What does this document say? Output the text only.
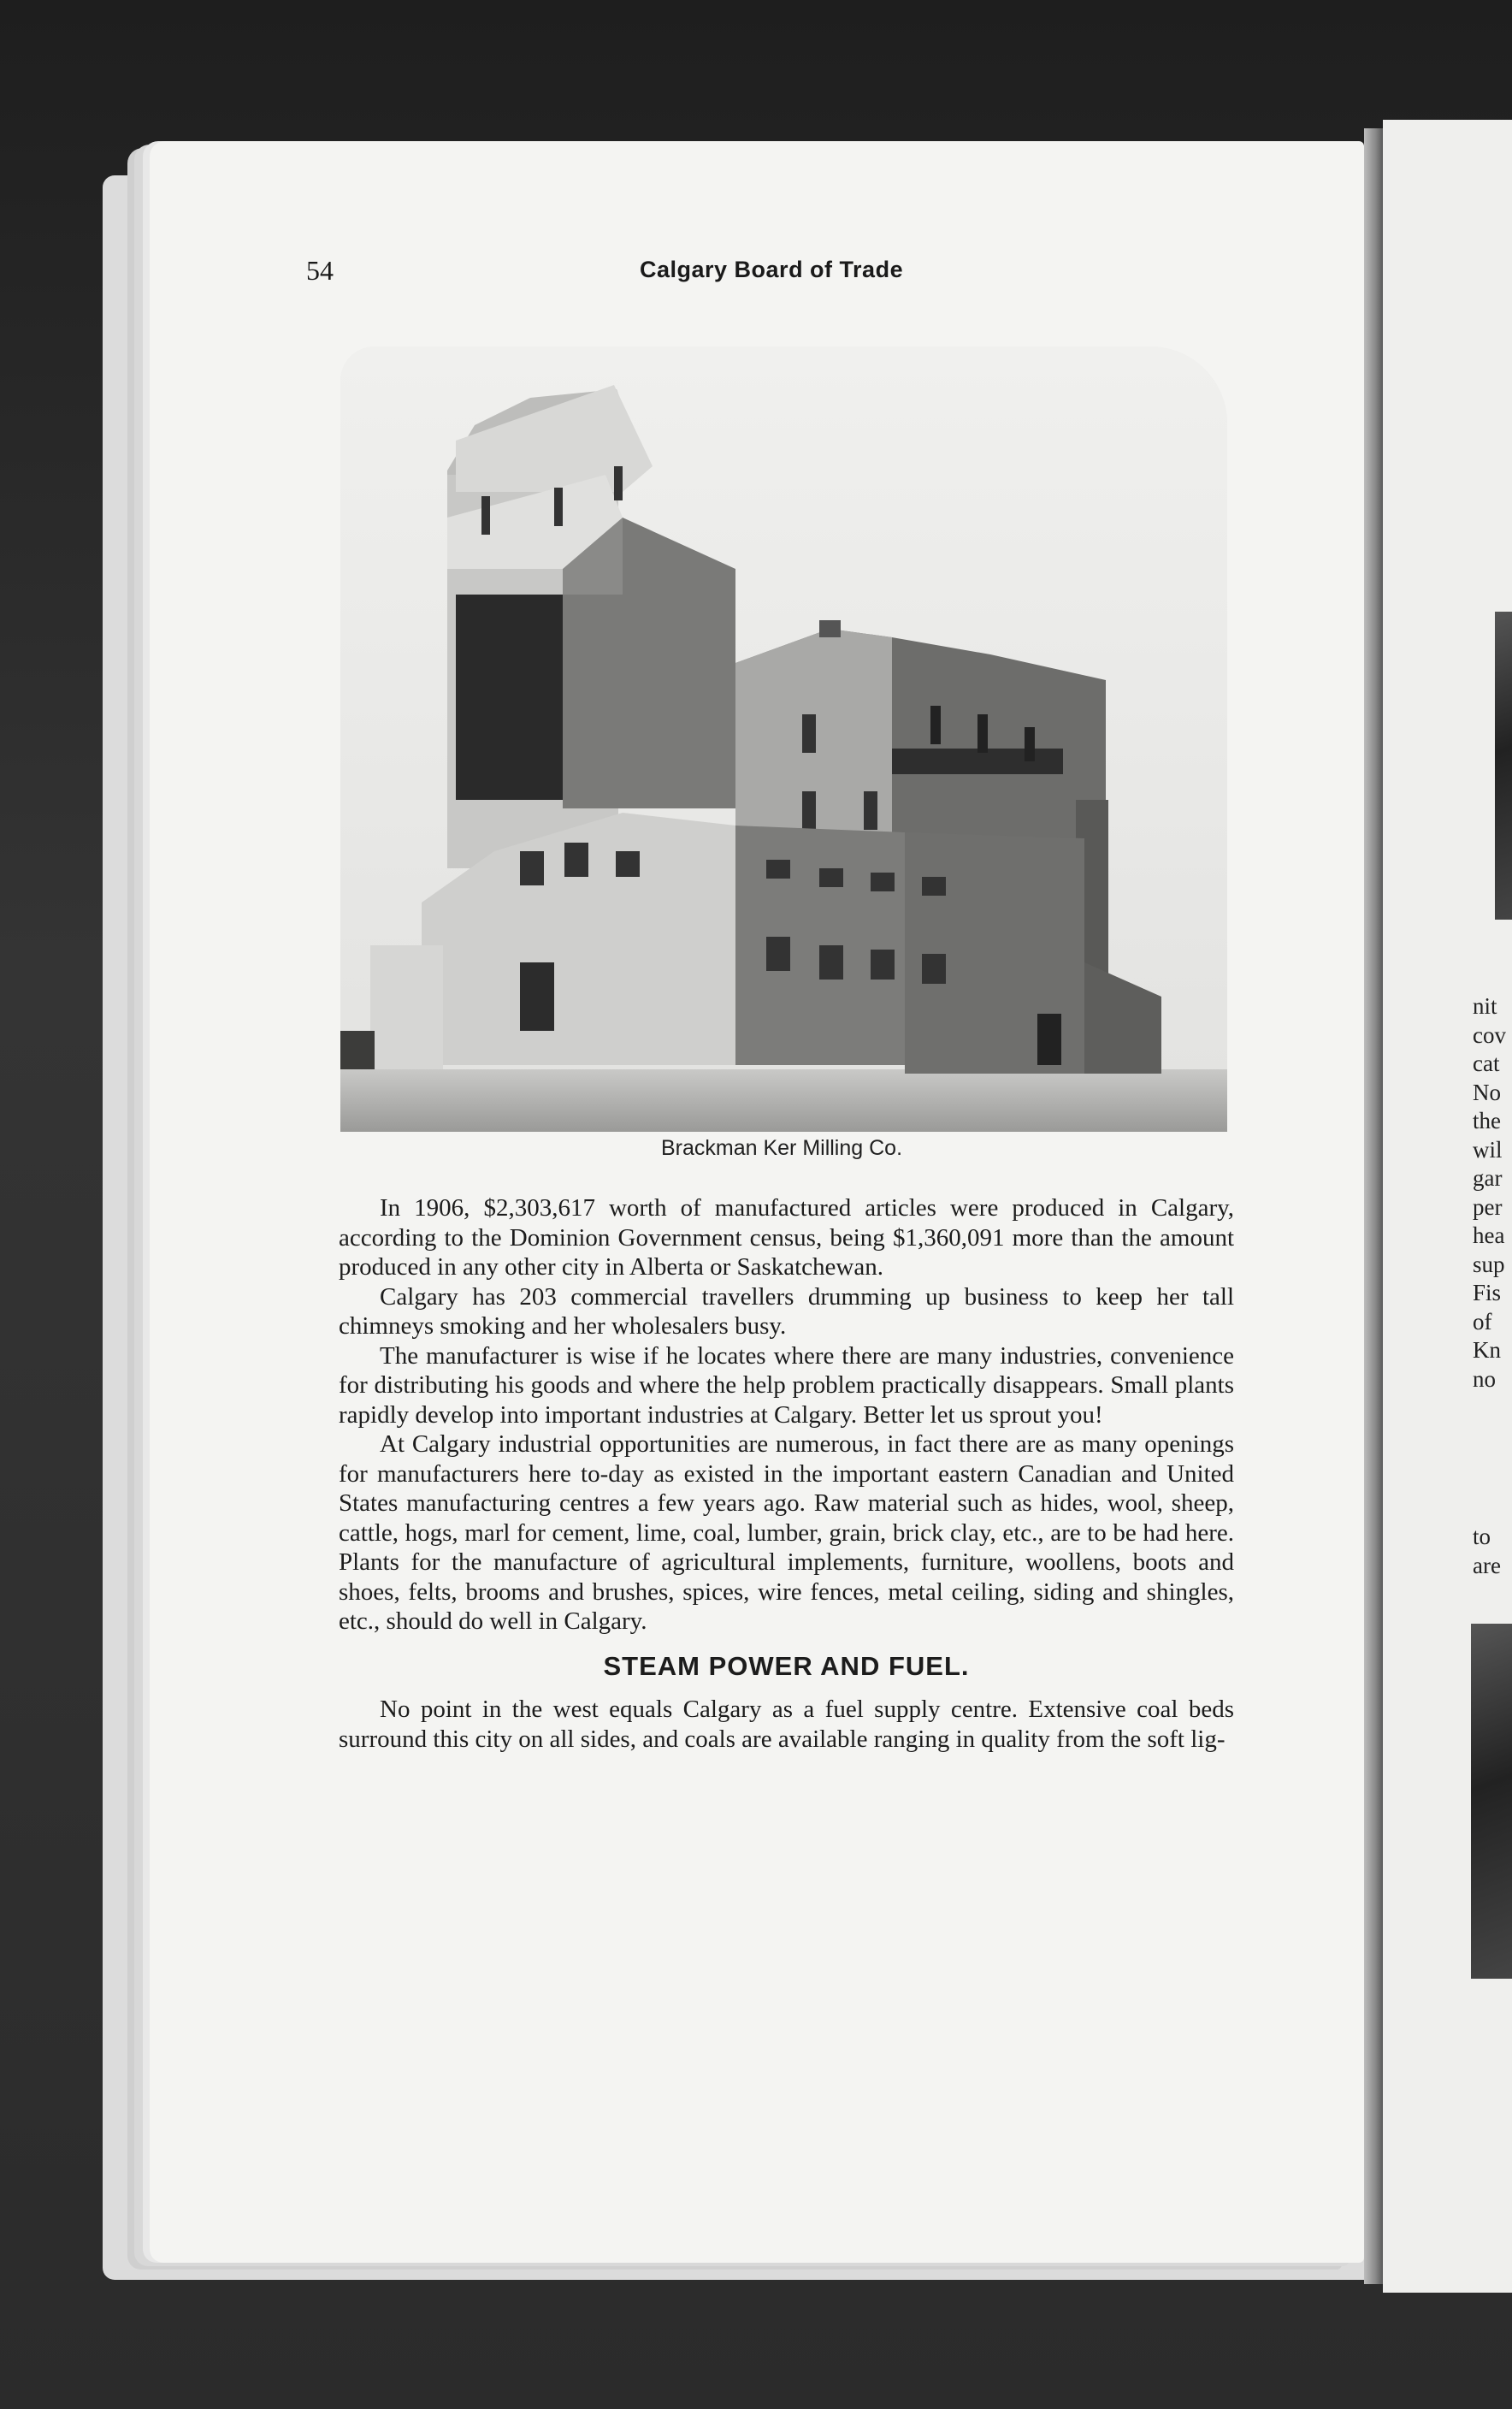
nit
cov
cat
No
the
wil
gar
per
hea
sup
Fis
of
Kn
no
to
are
54	Calgary Board of Trade
Brackman Ker Milling Co.

In 1906, $2,303,617 worth of manufactured articles were produced in Calgary, according to the Dominion Government census, being $1,360,091 more than the amount produced in any other city in Alberta or Saskatchewan.

Calgary has 203 commercial travellers drumming up business to keep her tall chimneys smoking and her wholesalers busy.

The manufacturer is wise if he locates where there are many industries, convenience for distributing his goods and where the help problem practically disappears. Small plants rapidly develop into important industries at Calgary. Better let us sprout you!

At Calgary industrial opportunities are numerous, in fact there are as many openings for manufacturers here to-day as existed in the important eastern Canadian and United States manufacturing centres a few years ago. Raw material such as hides, wool, sheep, cattle, hogs, marl for cement, lime, coal, lumber, grain, brick clay, etc., are to be had here. Plants for the manufacture of agricultural implements, furniture, woollens, boots and shoes, felts, brooms and brushes, spices, wire fences, metal ceiling, siding and shingles, etc., should do well in Calgary.

STEAM POWER AND FUEL.

No point in the west equals Calgary as a fuel supply centre. Extensive coal beds surround this city on all sides, and coals are available ranging in quality from the soft lig-
